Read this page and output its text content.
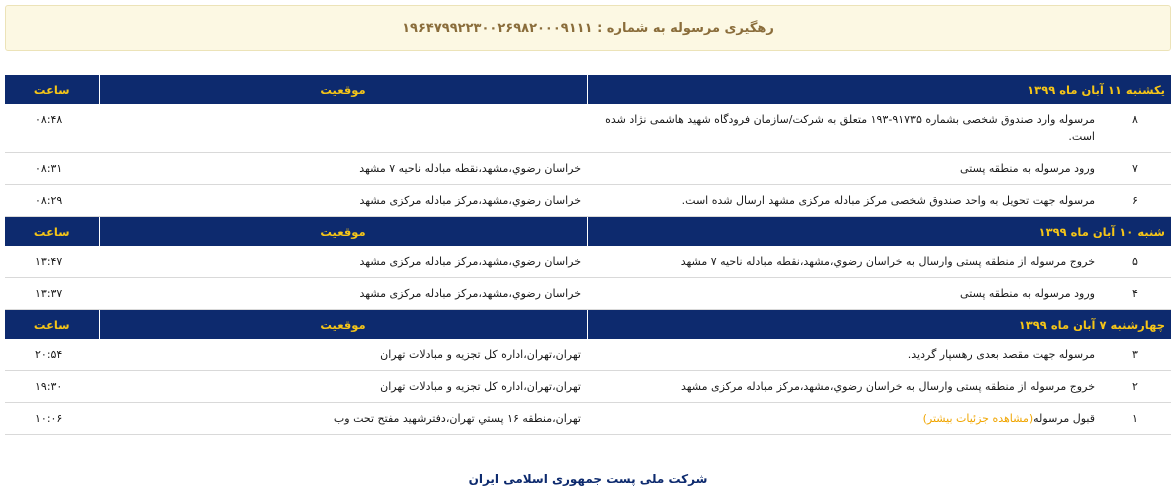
رهگیری مرسوله به شماره : ۱۹۶۴۷۹۹۲۲۳۰۰۲۶۹۸۲۰۰۰۹۱۱۱
یکشنبه ۱۱ آبان ماه ۱۳۹۹	موقعیت	ساعت

۸
مرسوله وارد صندوق شخصی بشماره ۹۱۷۳۵-۱۹۳ متعلق به شرکت/سازمان فرودگاه شهید هاشمی نژاد شده است.		۰۸:۴۸

۷
ورود مرسوله به منطقه پستی	خراسان رضوي،مشهد،نقطه مبادله ناحيه ۷ مشهد	۰۸:۳۱

۶
مرسوله جهت تحویل به واحد صندوق شخصی مرکز مبادله مرکزی مشهد ارسال شده است.	خراسان رضوي،مشهد،مرکز مبادله مرکزی مشهد	۰۸:۲۹
شنبه ۱۰ آبان ماه ۱۳۹۹	موقعیت	ساعت

۵
خروج مرسوله از منطقه پستی وارسال به خراسان رضوي،مشهد،نقطه مبادله ناحيه ۷ مشهد	خراسان رضوي،مشهد،مرکز مبادله مرکزی مشهد	۱۳:۴۷

۴
ورود مرسوله به منطقه پستی	خراسان رضوي،مشهد،مرکز مبادله مرکزی مشهد	۱۳:۳۷
چهارشنبه ۷ آبان ماه ۱۳۹۹	موقعیت	ساعت

۳
مرسوله جهت مقصد بعدی رهسپار گردید.	تهران،تهران،اداره کل تجزیه و مبادلات تهران	۲۰:۵۴

۲
خروج مرسوله از منطقه پستی وارسال به خراسان رضوي،مشهد،مرکز مبادله مرکزی مشهد	تهران،تهران،اداره کل تجزیه و مبادلات تهران	۱۹:۳۰

۱
قبول مرسوله(مشاهده جزئیات بیشتر)	تهران،منطقه ۱۶ پستي تهران،دفترشهيد مفتح تحت وب	۱۰:۰۶
شرکت ملی پست جمهوری اسلامی ایران
